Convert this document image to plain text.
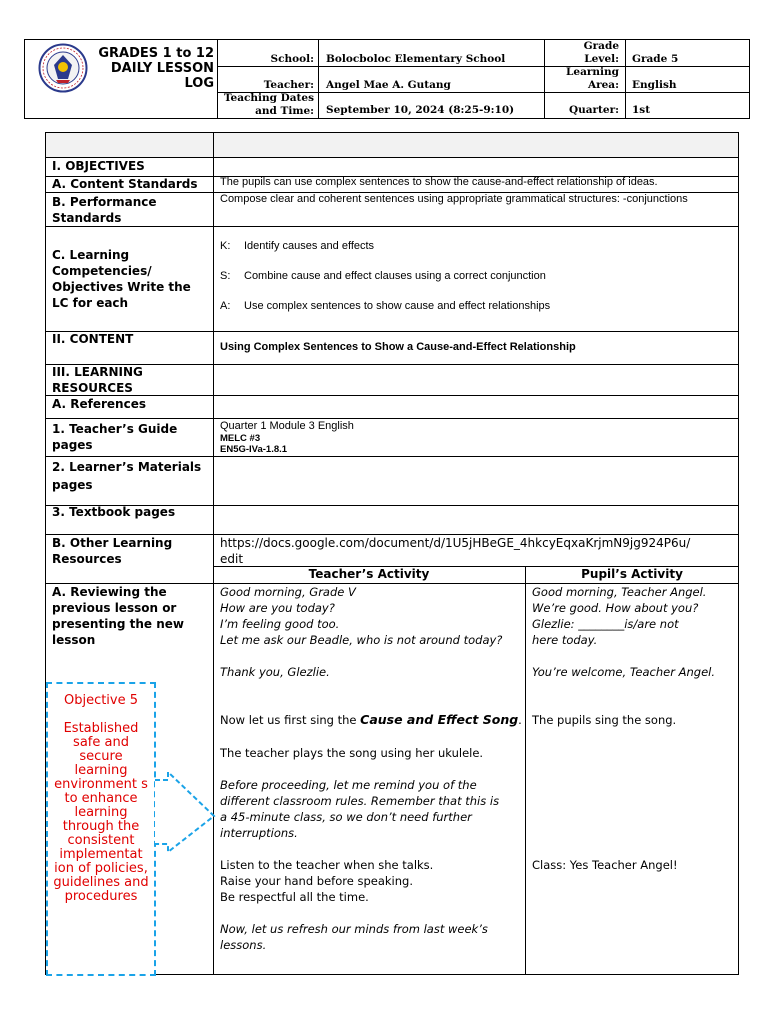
GRADES 1 to 12
DAILY LESSON
LOG
School: Bolocboloc Elementary School
Teacher: Angel Mae A. Gutang
Teaching Dates
and Time: September 10, 2024 (8:25-9:10)
Grade
Level: Grade 5
Learning
Area: English
Quarter: 1st
I. OBJECTIVES
A. Content Standards
B. Performance Standards
C. Learning Competencies/ Objectives Write the LC for each
II. CONTENT
III. LEARNING RESOURCES
A. References
1. Teacher’s Guide pages
2. Learner’s Materials pages
3. Textbook pages
B. Other Learning Resources
A. Reviewing the previous lesson or presenting the new lesson
The pupils can use complex sentences to show the cause-and-effect relationship of ideas.
Compose clear and coherent sentences using appropriate grammatical structures: -conjunctions
K: Identify causes and effects
S: Combine cause and effect clauses using a correct conjunction
A: Use complex sentences to show cause and effect relationships
Using Complex Sentences to Show a Cause-and-Effect Relationship
Quarter 1 Module 3 English
MELC #3
EN5G-IVa-1.8.1
https://docs.google.com/document/d/1U5jHBeGE_4hkcyEqxaKrjmN9jg924P6u/
edit
Teacher’s Activity	Pupil’s Activity
Good morning, Grade V
How are you today?
I’m feeling good too.
Let me ask our Beadle, who is not around today?
Thank you, Glezlie.
Now let us first sing the Cause and Effect Song.
The teacher plays the song using her ukulele.
Before proceeding, let me remind you of the
different classroom rules. Remember that this is
a 45-minute class, so we don’t need further
interruptions.
Listen to the teacher when she talks.
Raise your hand before speaking.
Be respectful all the time.
Now, let us refresh our minds from last week’s
lessons.
Good morning, Teacher Angel.
We’re good. How about you?
Glezlie: ________is/are not
here today.
You’re welcome, Teacher Angel.
The pupils sing the song.
Class: Yes Teacher Angel!
Objective 5
Established safe and secure learning environment s to enhance learning through the consistent implementat ion of policies, guidelines and procedures
